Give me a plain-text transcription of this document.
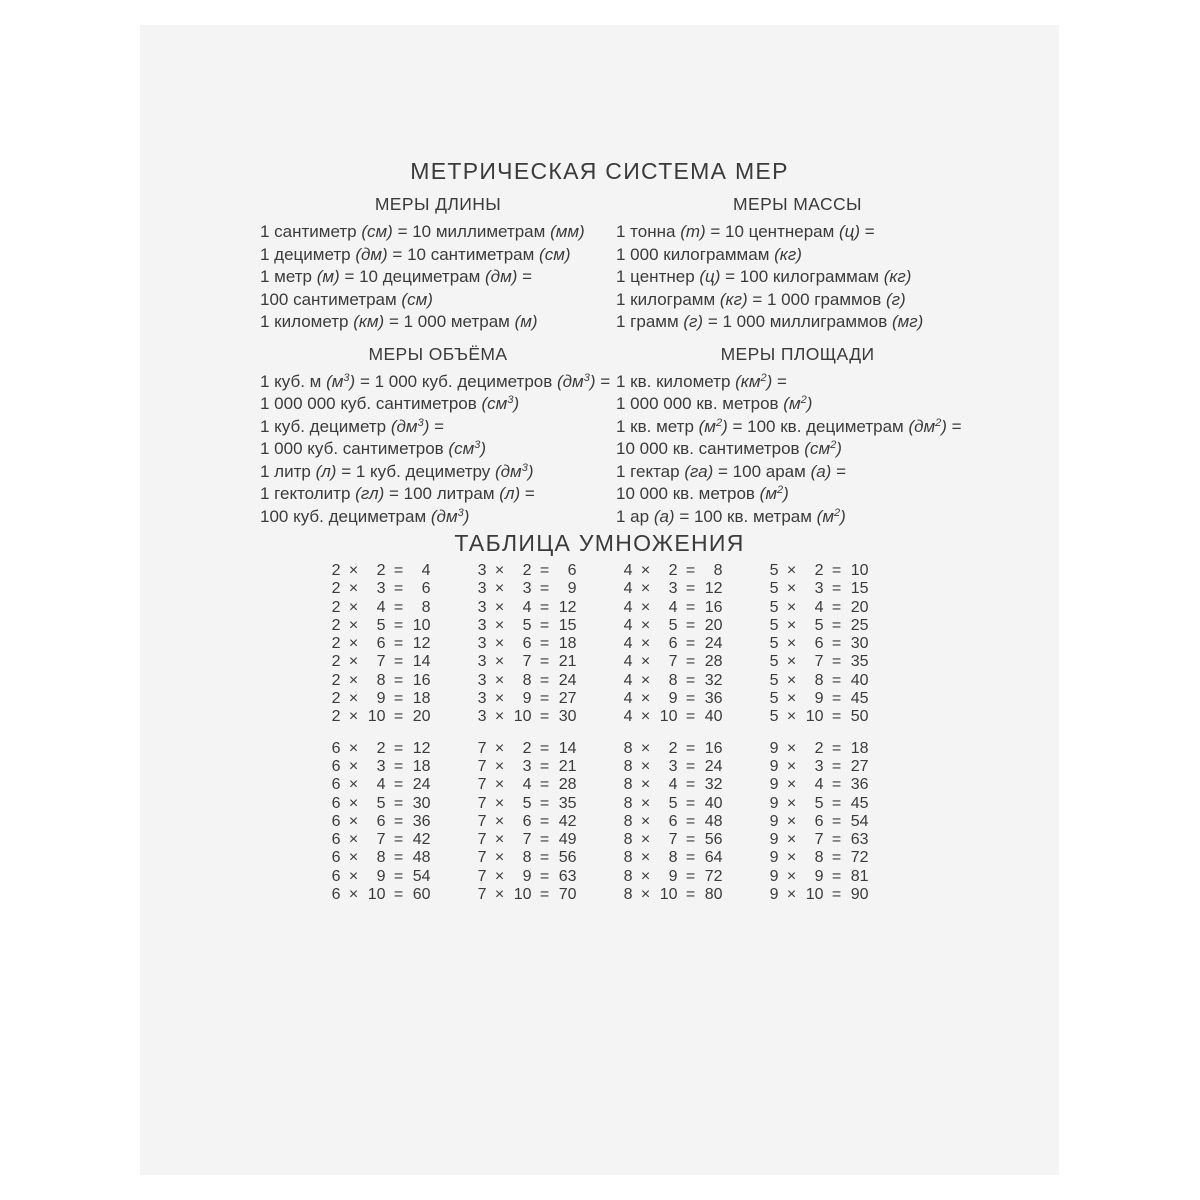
МЕТРИЧЕСКАЯ СИСТЕМА МЕР
МЕРЫ ДЛИНЫ
1 сантиметр (см) = 10 миллиметрам (мм)
1 дециметр (дм) = 10 сантиметрам (см)
1 метр (м) = 10 дециметрам (дм) =
100 сантиметрам (см)
1 километр (км) = 1 000 метрам (м)
МЕРЫ МАССЫ
1 тонна (т) = 10 центнерам (ц) =
1 000 килограммам (кг)
1 центнер (ц) = 100 килограммам (кг)
1 килограмм (кг) = 1 000 граммов (г)
1 грамм (г) = 1 000 миллиграммов (мг)
МЕРЫ ОБЪЁМА
1 куб. м $(м^3) = 1$ 000 куб. дециметров $(дм^3)$ =
1 000 000 куб. сантиметров $(см^3)$
1 куб. дециметр $(дм^3)$ =
1 000 куб. сантиметров $(см^3)$
1 литр (л) = 1 куб. дециметру $(дм^3)$
1 гектолитр (гл) = 100 литрам (л) =
100 куб. дециметрам $(дм^3)$
МЕРЫ ПЛОЩАДИ
1 кв. километр $(км^2)$ =
1 000 000 кв. метров $(м^2)$
1 кв. метр $(м^2) = 100$ кв. дециметрам $(дм^2)$ =
10 000 кв. сантиметров $(см^2)$
1 гектар (га) = 100 арам (а) =
10 000 кв. метров $(м^2)$
1 ар (а) = 100 кв. метрам $(м^2)$
ТАБЛИЦА УМНОЖЕНИЯ
2 ×	2 =	4
2 ×	3 =	6
2 ×	4 =	8
2 ×	5 = 10
2 ×	6 = 12
2 ×	7 = 14
2 ×	8 = 16
2 ×	9 = 18
2 × 10 = 20
3 ×	2 =	6
3 ×	3 =	9
3 ×	4 = 12
3 ×	5 = 15
3 ×	6 = 18
3 ×	7 = 21
3 ×	8 = 24
3 ×	9 = 27
3 × 10 = 30
4 ×	2 =	8
4 ×	3 = 12
4 ×	4 = 16
4 ×	5 = 20
4 ×	6 = 24
4 ×	7 = 28
4 ×	8 = 32
4 ×	9 = 36
4 × 10 = 40
5 ×	2 = 10
5 ×	3 = 15
5 ×	4 = 20
5 ×	5 = 25
5 ×	6 = 30
5 ×	7 = 35
5 ×	8 = 40
5 ×	9 = 45
5 × 10 = 50
6 ×	2 = 12
6 ×	3 = 18
6 ×	4 = 24
6 ×	5 = 30
6 ×	6 = 36
6 ×	7 = 42
6 ×	8 = 48
6 ×	9 = 54
6 × 10 = 60
7 ×	2 = 14
7 ×	3 = 21
7 ×	4 = 28
7 ×	5 = 35
7 ×	6 = 42
7 ×	7 = 49
7 ×	8 = 56
7 ×	9 = 63
7 × 10 = 70
8 ×	2 = 16
8 ×	3 = 24
8 ×	4 = 32
8 ×	5 = 40
8 ×	6 = 48
8 ×	7 = 56
8 ×	8 = 64
8 ×	9 = 72
8 × 10 = 80
9 ×	2 = 18
9 ×	3 = 27
9 ×	4 = 36
9 ×	5 = 45
9 ×	6 = 54
9 ×	7 = 63
9 ×	8 = 72
9 ×	9 = 81
9 × 10 = 90
